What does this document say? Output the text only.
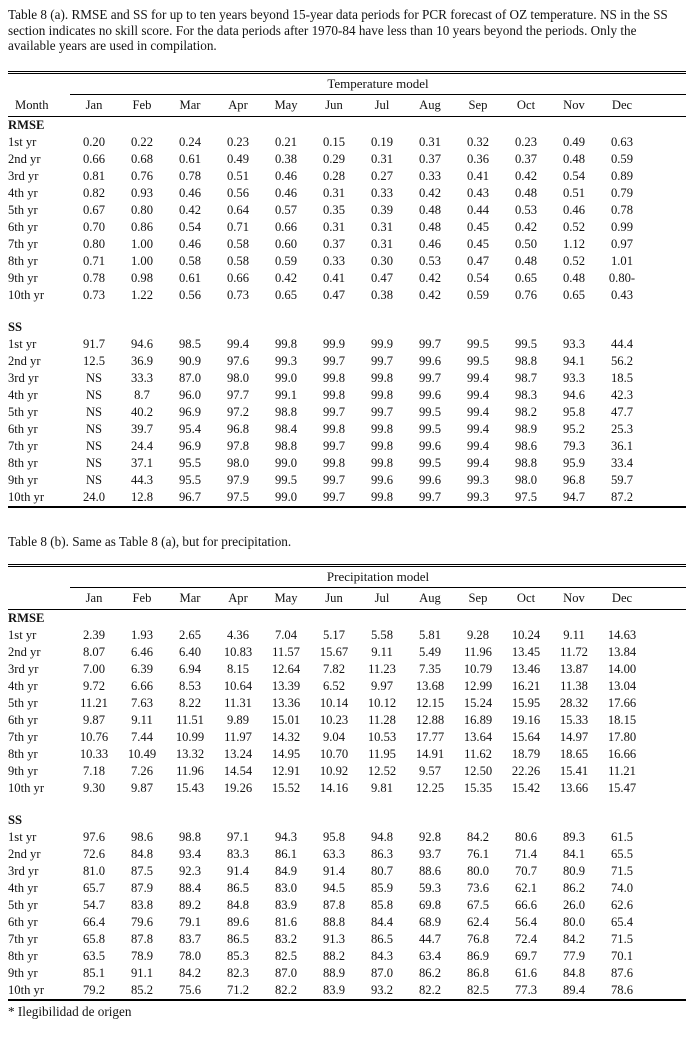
Table 8 (a). RMSE and SS for up to ten years beyond 15-year data periods for PCR forecast of OZ temperature. NS in the SS section indicates no skill score. For the data periods after 1970-84 have less than 10 years beyond the periods. Only the available years are used in compilation.

	Temperature model												
Month	Jan	Feb	Mar	Apr	May	Jun	Jul	Aug	Sep	Oct	Nov	Dec	
RMSE													
1st yr	0.20	0.22	0.24	0.23	0.21	0.15	0.19	0.31	0.32	0.23	0.49	0.63	
2nd yr	0.66	0.68	0.61	0.49	0.38	0.29	0.31	0.37	0.36	0.37	0.48	0.59	
3rd yr	0.81	0.76	0.78	0.51	0.46	0.28	0.27	0.33	0.41	0.42	0.54	0.89	
4th yr	0.82	0.93	0.46	0.56	0.46	0.31	0.33	0.42	0.43	0.48	0.51	0.79	
5th yr	0.67	0.80	0.42	0.64	0.57	0.35	0.39	0.48	0.44	0.53	0.46	0.78	
6th yr	0.70	0.86	0.54	0.71	0.66	0.31	0.31	0.48	0.45	0.42	0.52	0.99	
7th yr	0.80	1.00	0.46	0.58	0.60	0.37	0.31	0.46	0.45	0.50	1.12	0.97	
8th yr	0.71	1.00	0.58	0.58	0.59	0.33	0.30	0.53	0.47	0.48	0.52	1.01	
9th yr	0.78	0.98	0.61	0.66	0.42	0.41	0.47	0.42	0.54	0.65	0.48	0.80-	
10th yr	0.73	1.22	0.56	0.73	0.65	0.47	0.38	0.42	0.59	0.76	0.65	0.43	

SS													
1st yr	91.7	94.6	98.5	99.4	99.8	99.9	99.9	99.7	99.5	99.5	93.3	44.4	
2nd yr	12.5	36.9	90.9	97.6	99.3	99.7	99.7	99.6	99.5	98.8	94.1	56.2	
3rd yr	NS	33.3	87.0	98.0	99.0	99.8	99.8	99.7	99.4	98.7	93.3	18.5	
4th yr	NS	8.7	96.0	97.7	99.1	99.8	99.8	99.6	99.4	98.3	94.6	42.3	
5th yr	NS	40.2	96.9	97.2	98.8	99.7	99.7	99.5	99.4	98.2	95.8	47.7	
6th yr	NS	39.7	95.4	96.8	98.4	99.8	99.8	99.5	99.4	98.9	95.2	25.3	
7th yr	NS	24.4	96.9	97.8	98.8	99.7	99.8	99.6	99.4	98.6	79.3	36.1	
8th yr	NS	37.1	95.5	98.0	99.0	99.8	99.8	99.5	99.4	98.8	95.9	33.4	
9th yr	NS	44.3	95.5	97.9	99.5	99.7	99.6	99.6	99.3	98.0	96.8	59.7	
10th yr	24.0	12.8	96.7	97.5	99.0	99.7	99.8	99.7	99.3	97.5	94.7	87.2	

Table 8 (b). Same as Table 8 (a), but for precipitation.

	Precipitation model												
	Jan	Feb	Mar	Apr	May	Jun	Jul	Aug	Sep	Oct	Nov	Dec	
RMSE													
1st yr	2.39	1.93	2.65	4.36	7.04	5.17	5.58	5.81	9.28	10.24	9.11	14.63	
2nd yr	8.07	6.46	6.40	10.83	11.57	15.67	9.11	5.49	11.96	13.45	11.72	13.84	
3rd yr	7.00	6.39	6.94	8.15	12.64	7.82	11.23	7.35	10.79	13.46	13.87	14.00	
4th yr	9.72	6.66	8.53	10.64	13.39	6.52	9.97	13.68	12.99	16.21	11.38	13.04	
5th yr	11.21	7.63	8.22	11.31	13.36	10.14	10.12	12.15	15.24	15.95	28.32	17.66	
6th yr	9.87	9.11	11.51	9.89	15.01	10.23	11.28	12.88	16.89	19.16	15.33	18.15	
7th yr	10.76	7.44	10.99	11.97	14.32	9.04	10.53	17.77	13.64	15.64	14.97	17.80	
8th yr	10.33	10.49	13.32	13.24	14.95	10.70	11.95	14.91	11.62	18.79	18.65	16.66	
9th yr	7.18	7.26	11.96	14.54	12.91	10.92	12.52	9.57	12.50	22.26	15.41	11.21	
10th yr	9.30	9.87	15.43	19.26	15.52	14.16	9.81	12.25	15.35	15.42	13.66	15.47	

SS													
1st yr	97.6	98.6	98.8	97.1	94.3	95.8	94.8	92.8	84.2	80.6	89.3	61.5	
2nd yr	72.6	84.8	93.4	83.3	86.1	63.3	86.3	93.7	76.1	71.4	84.1	65.5	
3rd yr	81.0	87.5	92.3	91.4	84.9	91.4	80.7	88.6	80.0	70.7	80.9	71.5	
4th yr	65.7	87.9	88.4	86.5	83.0	94.5	85.9	59.3	73.6	62.1	86.2	74.0	
5th yr	54.7	83.8	89.2	84.8	83.9	87.8	85.8	69.8	67.5	66.6	26.0	62.6	
6th yr	66.4	79.6	79.1	89.6	81.6	88.8	84.4	68.9	62.4	56.4	80.0	65.4	
7th yr	65.8	87.8	83.7	86.5	83.2	91.3	86.5	44.7	76.8	72.4	84.2	71.5	
8th yr	63.5	78.9	78.0	85.3	82.5	88.2	84.3	63.4	86.9	69.7	77.9	70.1	
9th yr	85.1	91.1	84.2	82.3	87.0	88.9	87.0	86.2	86.8	61.6	84.8	87.6	
10th yr	79.2	85.2	75.6	71.2	82.2	83.9	93.2	82.2	82.5	77.3	89.4	78.6	

* Ilegibilidad de origen
